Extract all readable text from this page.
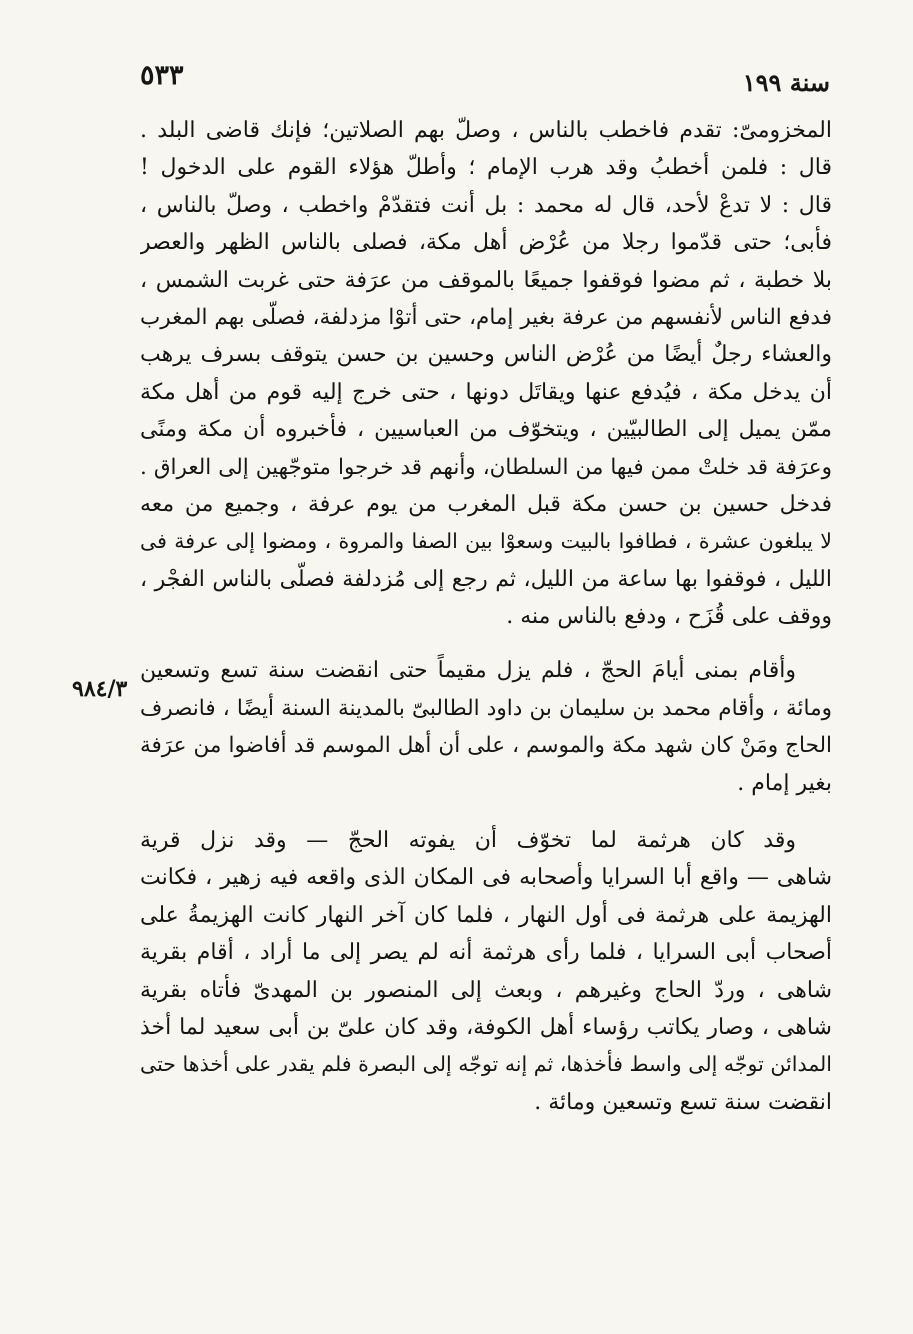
سنة ١٩٩
٥٣٣
٩٨٤/٣
المخزومىّ: تقدم فاخطب بالناس ، وصلّ بهم الصلاتين؛ فإنك قاضى البلد .
قال : فلمن أخطبُ وقد هرب الإمام ؛ وأطلّ هؤلاء القوم على الدخول !
قال : لا تدعْ لأحد، قال له محمد : بل أنت فتقدّمْ واخطب ، وصلّ بالناس ،
فأبى؛ حتى قدّموا رجلا من عُرْض أهل مكة، فصلى بالناس الظهر والعصر
بلا خطبة ، ثم مضوا فوقفوا جميعًا بالموقف من عرَفة حتى غربت الشمس ،
فدفع الناس لأنفسهم من عرفة بغير إمام، حتى أتوْا مزدلفة، فصلّى بهم المغرب
والعشاء رجلٌ أيضًا من عُرْض الناس وحسين بن حسن يتوقف بسرف يرهب
أن يدخل مكة ، فيُدفع عنها ويقاتَل دونها ، حتى خرج إليه قوم من أهل مكة
ممّن يميل إلى الطالبيّين ، ويتخوّف من العباسيين ، فأخبروه أن مكة ومنًى
وعرَفة قد خلتْ ممن فيها من السلطان، وأنهم قد خرجوا متوجّهين إلى العراق .
فدخل حسين بن حسن مكة قبل المغرب من يوم عرفة ، وجميع من معه
لا يبلغون عشرة ، فطافوا بالبيت وسعوْا بين الصفا والمروة ، ومضوا إلى عرفة فى
الليل ، فوقفوا بها ساعة من الليل، ثم رجع إلى مُزدلفة فصلّى بالناس الفجْر ،
ووقف على قُزَح ، ودفع بالناس منه .
وأقام بمنى أيامَ الحجّ ، فلم يزل مقيماً حتى انقضت سنة تسع وتسعين
ومائة ، وأقام محمد بن سليمان بن داود الطالبىّ بالمدينة السنة أيضًا ، فانصرف
الحاج ومَنْ كان شهد مكة والموسم ، على أن أهل الموسم قد أفاضوا من عرَفة
بغير إمام .
وقد كان هرثمة لما تخوّف أن يفوته الحجّ — وقد نزل قرية
شاهى — واقع أبا السرايا وأصحابه فى المكان الذى واقعه فيه زهير ، فكانت
الهزيمة على هرثمة فى أول النهار ، فلما كان آخر النهار كانت الهزيمةُ على
أصحاب أبى السرايا ، فلما رأى هرثمة أنه لم يصر إلى ما أراد ، أقام بقرية
شاهى ، وردّ الحاج وغيرهم ، وبعث إلى المنصور بن المهدىّ فأتاه بقرية
شاهى ، وصار يكاتب رؤساء أهل الكوفة، وقد كان علىّ بن أبى سعيد لما أخذ
المدائن توجّه إلى واسط فأخذها، ثم إنه توجّه إلى البصرة فلم يقدر على أخذها حتى
انقضت سنة تسع وتسعين ومائة .
